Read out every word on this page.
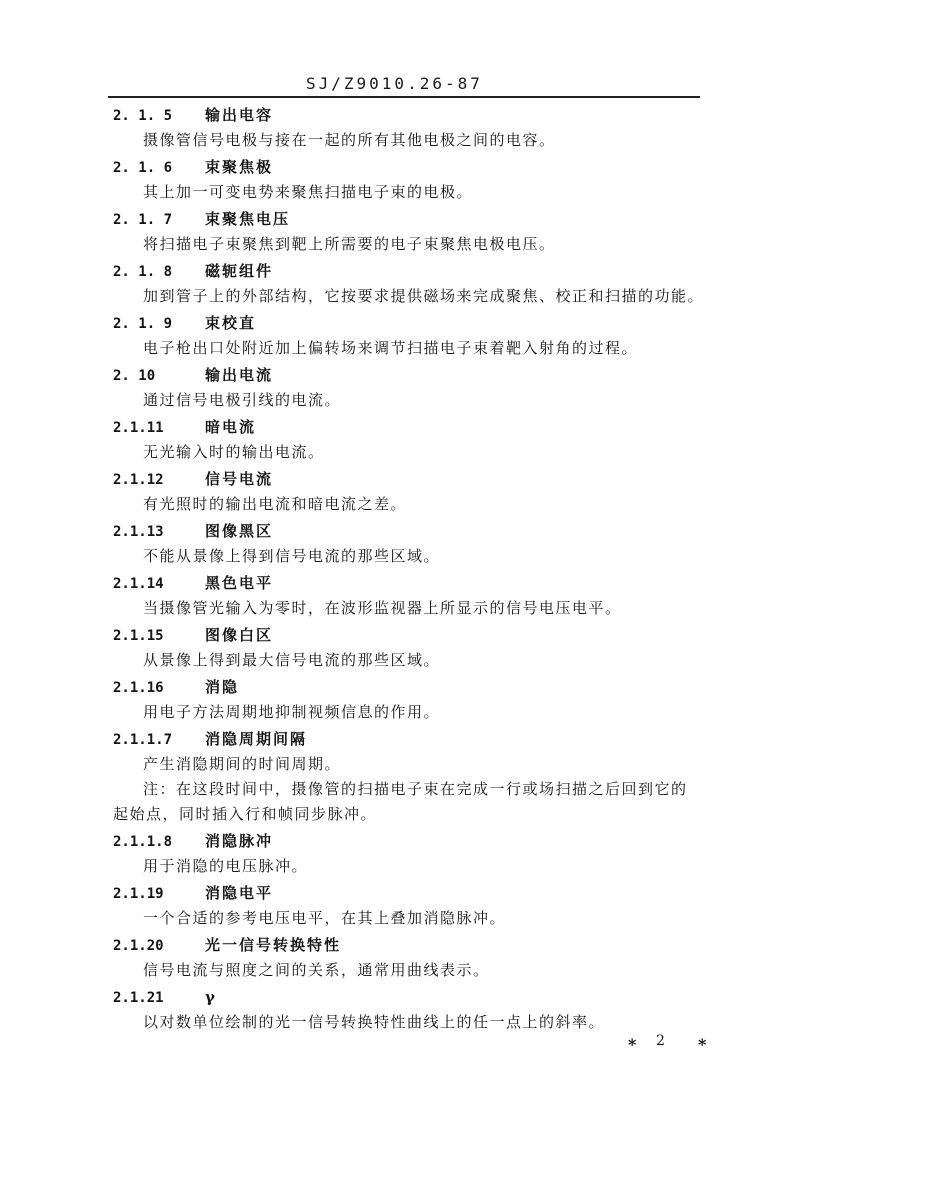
SJ/Z9010.26-87
2. 1. 5 输出电容
摄像管信号电极与接在一起的所有其他电极之间的电容。
2. 1. 6 束聚焦极
其上加一可变电势来聚焦扫描电子束的电极。
2. 1. 7 束聚焦电压
将扫描电子束聚焦到靶上所需要的电子束聚焦电极电压。
2. 1. 8 磁轭组件
加到管子上的外部结构，它按要求提供磁场来完成聚焦、校正和扫描的功能。
2. 1. 9 束校直
电子枪出口处附近加上偏转场来调节扫描电子束着靶入射角的过程。
2. 10	输出电流
通过信号电极引线的电流。
2.1.11	暗电流
无光输入时的输出电流。
2.1.12	信号电流
有光照时的输出电流和暗电流之差。
2.1.13	图像黑区
不能从景像上得到信号电流的那些区域。
2.1.14	黑色电平
当摄像管光输入为零时，在波形监视器上所显示的信号电压电平。
2.1.15	图像白区
从景像上得到最大信号电流的那些区域。
2.1.16	消隐
用电子方法周期地抑制视频信息的作用。
2.1.1.7 消隐周期间隔
产生消隐期间的时间周期。
注：在这段时间中，摄像管的扫描电子束在完成一行或场扫描之后回到它的
起始点，同时插入行和帧同步脉冲。
2.1.1.8 消隐脉冲
用于消隐的电压脉冲。
2.1.19	消隐电平
一个合适的参考电压电平，在其上叠加消隐脉冲。
2.1.20	光一信号转换特性
信号电流与照度之间的关系，通常用曲线表示。
2.1.21	γ
以对数单位绘制的光一信号转换特性曲线上的任一点上的斜率。
* 2 *
